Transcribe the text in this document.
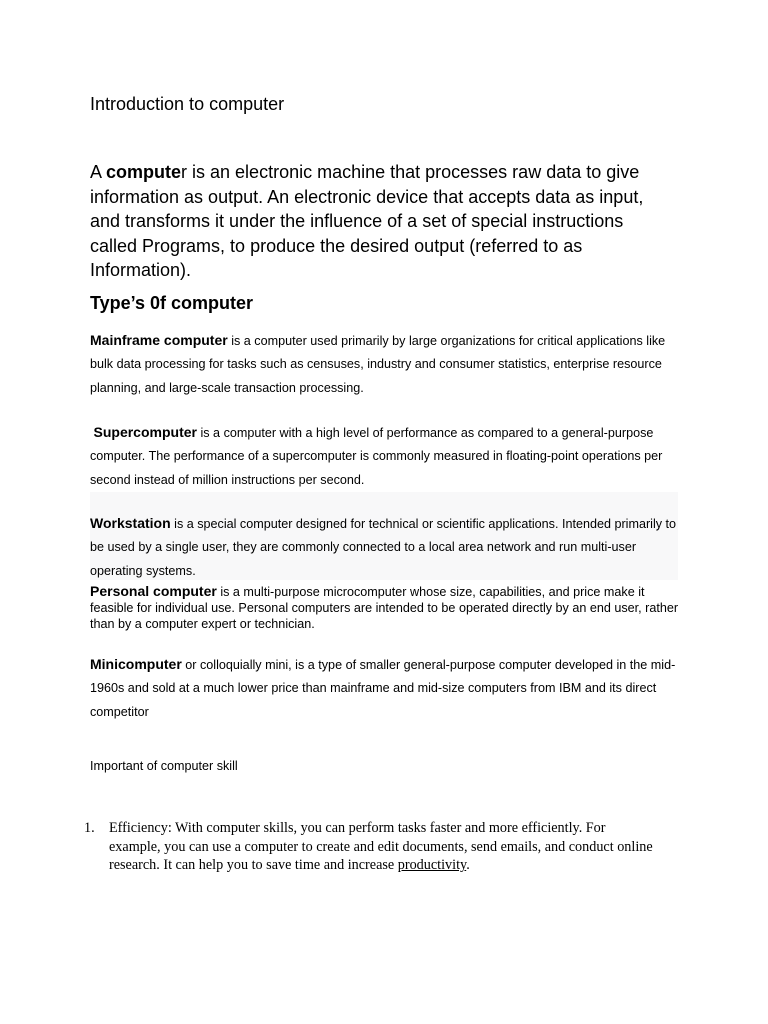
Introduction to computer

A computer is an electronic machine that processes raw data to give information as output. An electronic device that accepts data as input, and transforms it under the influence of a set of special instructions called Programs, to produce the desired output (referred to as Information).

Type’s 0f computer

Mainframe computer is a computer used primarily by large organizations for critical applications like bulk data processing for tasks such as censuses, industry and consumer statistics, enterprise resource planning, and large-scale transaction processing.

Supercomputer is a computer with a high level of performance as compared to a general-purpose computer. The performance of a supercomputer is commonly measured in floating-point operations per second instead of million instructions per second.

Workstation is a special computer designed for technical or scientific applications. Intended primarily to be used by a single user, they are commonly connected to a local area network and run multi-user operating systems.

Personal computer is a multi-purpose microcomputer whose size, capabilities, and price make it feasible for individual use. Personal computers are intended to be operated directly by an end user, rather than by a computer expert or technician.

Minicomputer or colloquially mini, is a type of smaller general-purpose computer developed in the mid-1960s and sold at a much lower price than mainframe and mid-size computers from IBM and its direct competitor

Important of computer skill

1. Efficiency: With computer skills, you can perform tasks faster and more efficiently. For example, you can use a computer to create and edit documents, send emails, and conduct online research. It can help you to save time and increase productivity.
